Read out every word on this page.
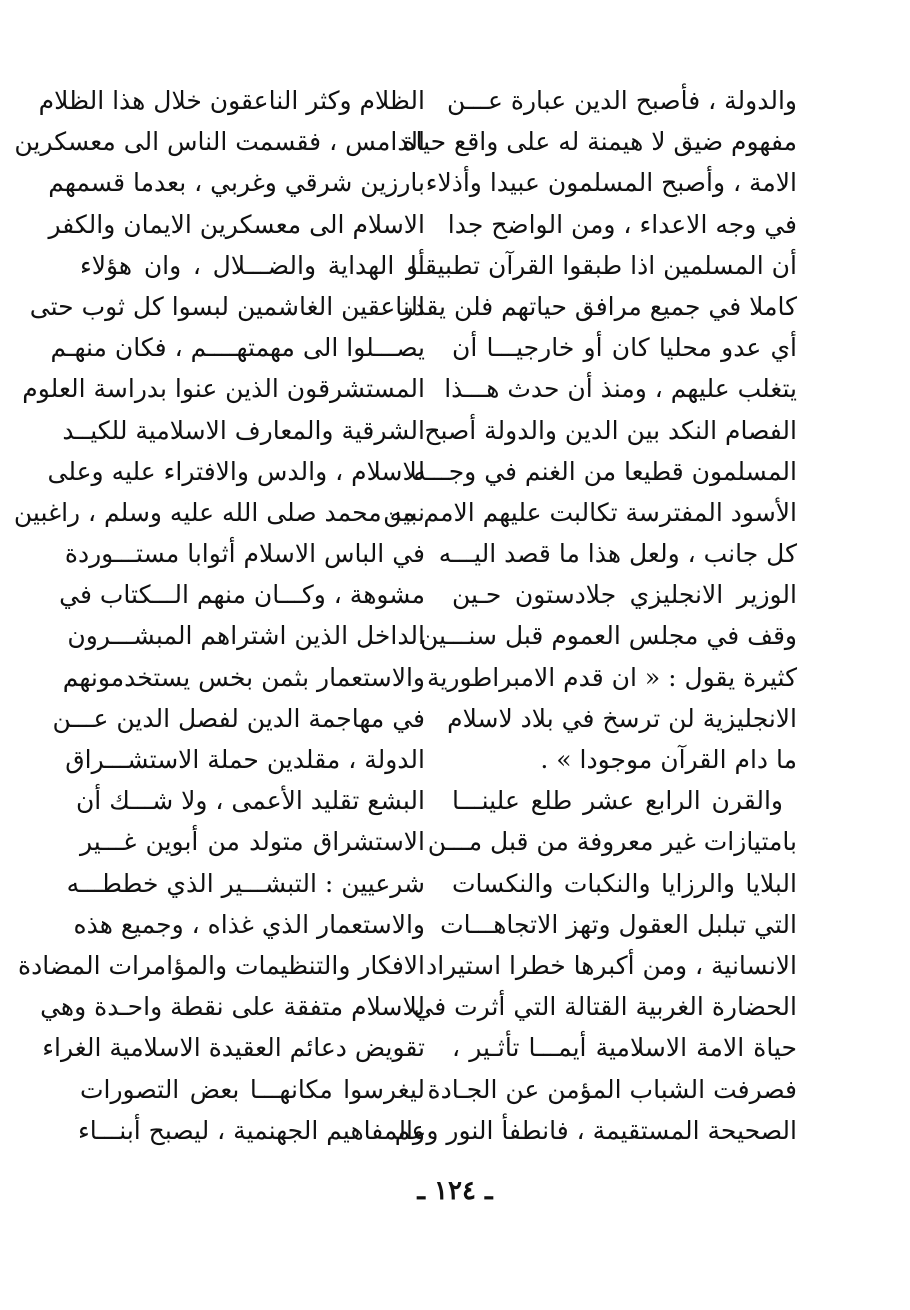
والدولة ، فأصبح الدين عبارة عـــن
مفهوم ضيق لا هيمنة له على واقع حياة
الامة ، وأصبح المسلمون عبيدا وأذلاء
في وجه الاعداء ، ومن الواضح جدا
أن المسلمين اذا طبقوا القرآن تطبيقـا
كاملا في جميع مرافق حياتهم فلن يقدر
أي عدو محليا كان أو خارجيـــا أن
يتغلب عليهم ، ومنذ أن حدث هـــذا
الفصام النكد بين الدين والدولة أصبح
المسلمون قطيعا من الغنم في وجـــه
الأسود المفترسة تكالبت عليهم الامم من
كل جانب ، ولعل هذا ما قصد اليـــه
الوزير الانجليزي جلادستون حـين
وقف في مجلس العموم قبل سنـــين
كثيرة يقول : « ان قدم الامبراطورية
الانجليزية لن ترسخ في بلاد لاسلام
ما دام القرآن موجودا » .
والقرن الرابع عشر طلع علينـــا
بامتيازات غير معروفة من قبل مـــن
البلايا والرزايا والنكبات والنكسات
التي تبلبل العقول وتهز الاتجاهـــات
الانسانية ، ومن أكبرها خطرا استيراد
الحضارة الغربية القتالة التي أثرت في
حياة الامة الاسلامية أيمـــا تأثـير ،
فصرفت الشباب المؤمن عن الجـادة
الصحيحة المستقيمة ، فانطفأ النور وعم
الظلام وكثر الناعقون خلال هذا الظلام
الدامس ، فقسمت الناس الى معسكرين
بارزين شرقي وغربي ، بعدما قسمهم
الاسلام الى معسكرين الايمان والكفر
أو الهداية والضـــلال ، وان هؤلاء
الناعقين الغاشمين لبسوا كل ثوب حتى
يصـــلوا الى مهمتهــــم ، فكان منهـم
المستشرقون الذين عنوا بدراسة العلوم
الشرقية والمعارف الاسلامية للكيــد
للاسلام ، والدس والافتراء عليه وعلى
نبيه محمد صلى الله عليه وسلم ، راغبين
في الباس الاسلام أثوابا مستـــوردة
مشوهة ، وكـــان منهم الـــكتاب في
الداخل الذين اشتراهم المبشـــرون
والاستعمار بثمن بخس يستخدمونهم
في مهاجمة الدين لفصل الدين عـــن
الدولة ، مقلدين حملة الاستشـــراق
البشع تقليد الأعمى ، ولا شـــك أن
الاستشراق متولد من أبوين غـــير
شرعيين : التبشـــير الذي خططـــه
والاستعمار الذي غذاه ، وجميع هذه
الافكار والتنظيمات والمؤامرات المضادة
للاسلام متفقة على نقطة واحـدة وهي
تقويض دعائم العقيدة الاسلامية الغراء
ليغرسوا مكانهـــا بعض التصورات
والمفاهيم الجهنمية ، ليصبح أبنـــاء
ـ ١٢٤ ـ
